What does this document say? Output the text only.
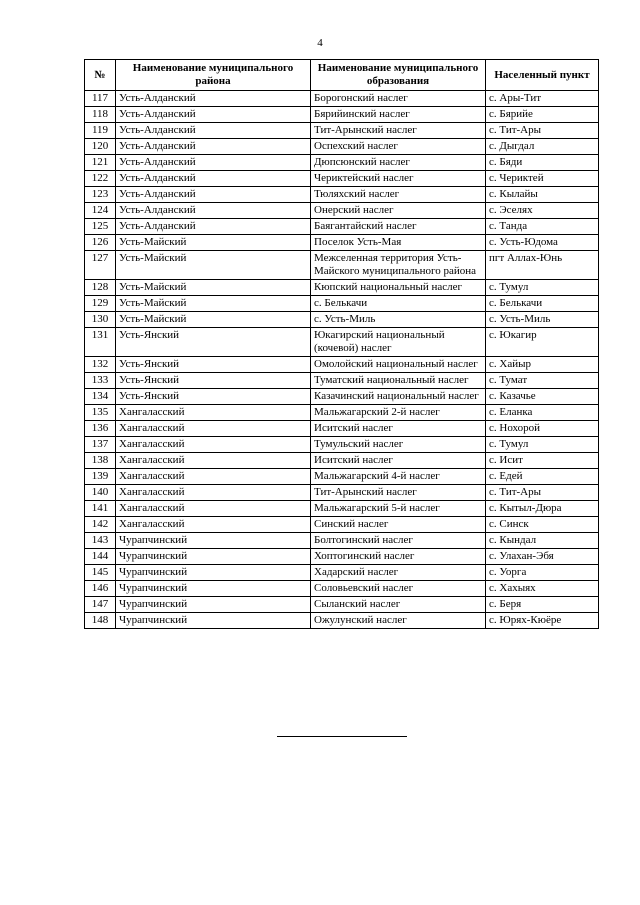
4
№	Наименование муниципального района	Наименование муниципального образования	Населенный пункт
117	Усть-Алданский	Борогонский наслег	с. Ары-Тит
118	Усть-Алданский	Бярийинский наслег	с. Бярийе
119	Усть-Алданский	Тит-Арынский наслег	с. Тит-Ары
120	Усть-Алданский	Оспехский наслег	с. Дыгдал
121	Усть-Алданский	Дюпсюнский наслег	с. Бяди
122	Усть-Алданский	Чериктейский наслег	с. Чериктей
123	Усть-Алданский	Тюляхский наслег	с. Кылайы
124	Усть-Алданский	Онерский наслег	с. Эселях
125	Усть-Алданский	Баягантайский наслег	с. Танда
126	Усть-Майский	Поселок Усть-Мая	с. Усть-Юдома
127	Усть-Майский	Межселенная территория Усть-Майского муниципального района	пгт Аллах-Юнь
128	Усть-Майский	Кюпский национальный наслег	с. Тумул
129	Усть-Майский	с. Белькачи	с. Белькачи
130	Усть-Майский	с. Усть-Миль	с. Усть-Миль
131	Усть-Янский	Юкагирский национальный (кочевой) наслег	с. Юкагир
132	Усть-Янский	Омолойский национальный наслег	с. Хайыр
133	Усть-Янский	Туматский национальный наслег	с. Тумат
134	Усть-Янский	Казачинский национальный наслег	с. Казачье
135	Хангаласский	Мальжагарский 2-й наслег	с. Еланка
136	Хангаласский	Иситский наслег	с. Нохорой
137	Хангаласский	Тумульский наслег	с. Тумул
138	Хангаласский	Иситский наслег	с. Исит
139	Хангаласский	Мальжагарский 4-й наслег	с. Едей
140	Хангаласский	Тит-Арынский наслег	с. Тит-Ары
141	Хангаласский	Мальжагарский 5-й наслег	с. Кытыл-Дюра
142	Хангаласский	Синский наслег	с. Синск
143	Чурапчинский	Болтогинский наслег	с. Кындал
144	Чурапчинский	Хоптогинский наслег	с. Улахан-Эбя
145	Чурапчинский	Хадарский наслег	с. Уорга
146	Чурапчинский	Соловьевский наслег	с. Хахыях
147	Чурапчинский	Сыланский наслег	с. Беря
148	Чурапчинский	Ожулунский наслег	с. Юрях-Кюёре
